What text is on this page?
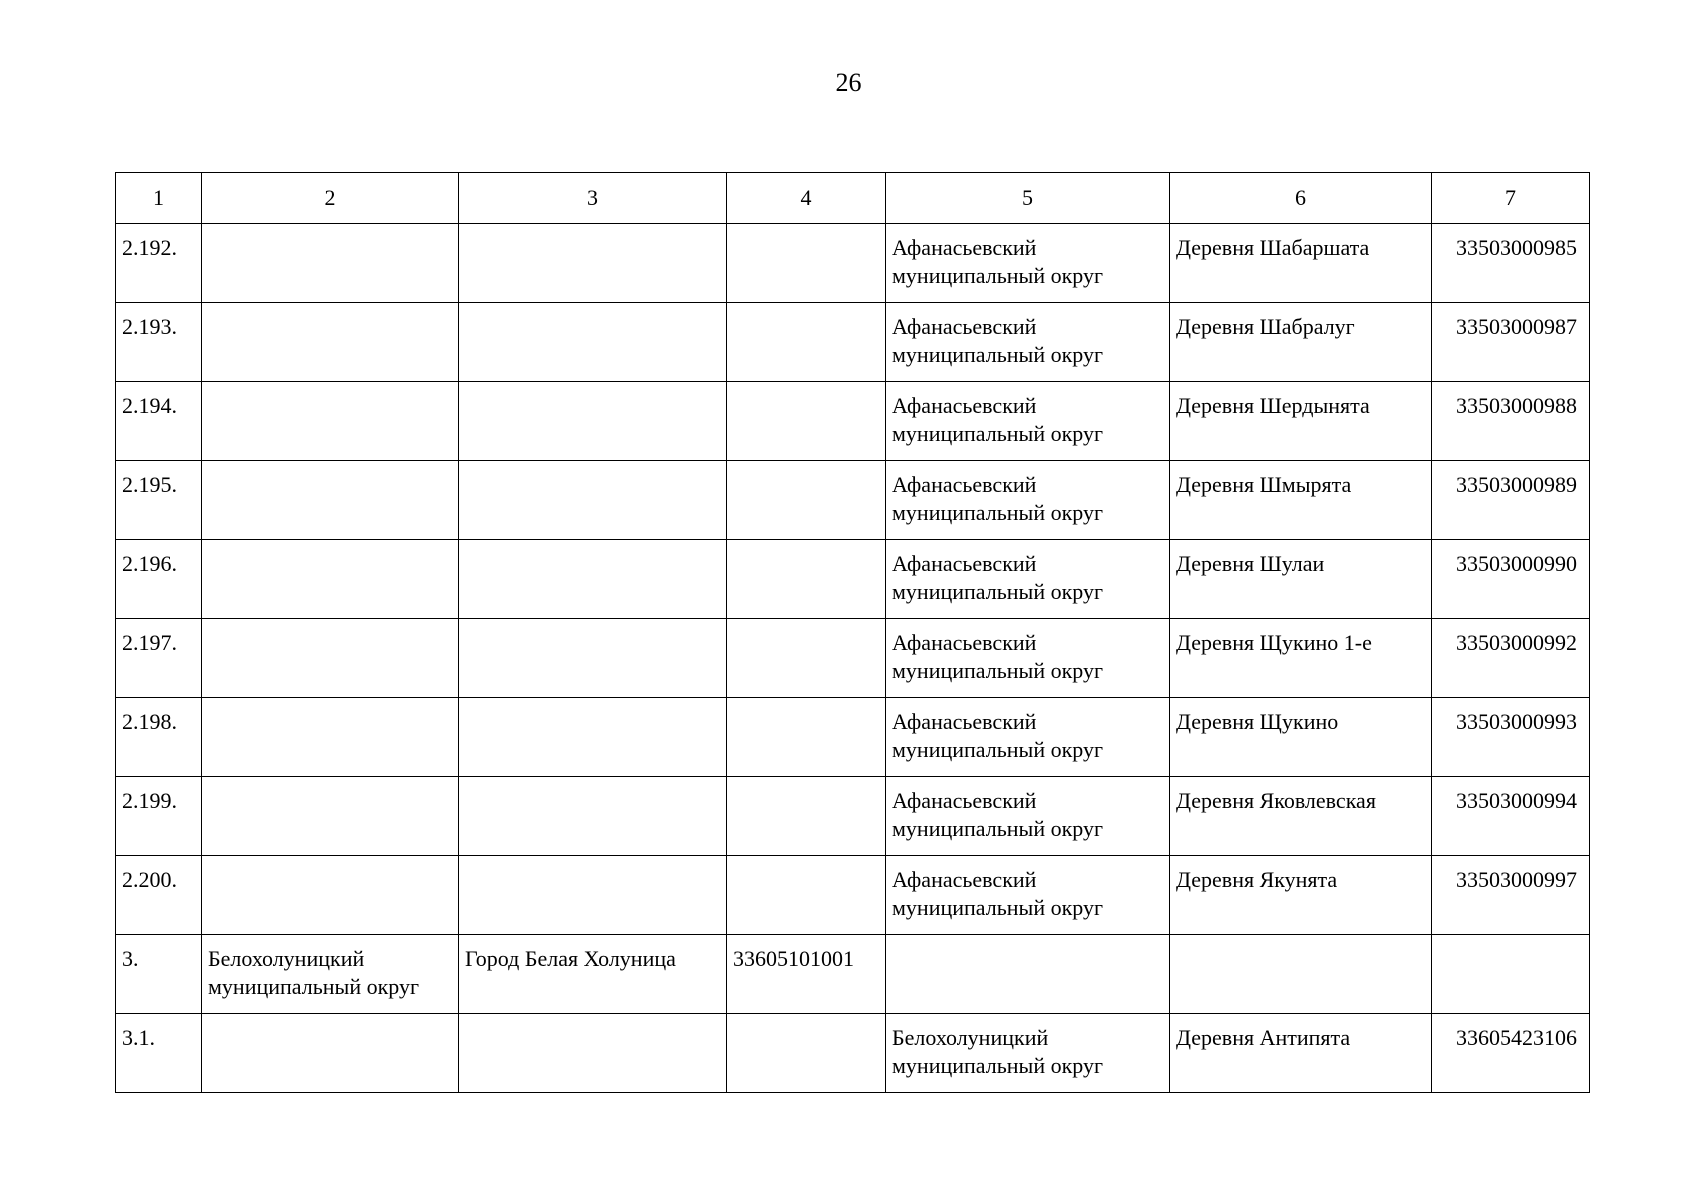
26
1	2	3	4	5	6	7
2.192.				Афанасьевский муниципальный округ	Деревня Шабаршата	33503000985
2.193.				Афанасьевский муниципальный округ	Деревня Шабралуг	33503000987
2.194.				Афанасьевский муниципальный округ	Деревня Шердынята	33503000988
2.195.				Афанасьевский муниципальный округ	Деревня Шмырята	33503000989
2.196.				Афанасьевский муниципальный округ	Деревня Шулаи	33503000990
2.197.				Афанасьевский муниципальный округ	Деревня Щукино 1-е	33503000992
2.198.				Афанасьевский муниципальный округ	Деревня Щукино	33503000993
2.199.				Афанасьевский муниципальный округ	Деревня Яковлевская	33503000994
2.200.				Афанасьевский муниципальный округ	Деревня Якунята	33503000997
3.	Белохолуницкий муниципальный округ	Город Белая Холуница	33605101001			
3.1.				Белохолуницкий муниципальный округ	Деревня Антипята	33605423106
